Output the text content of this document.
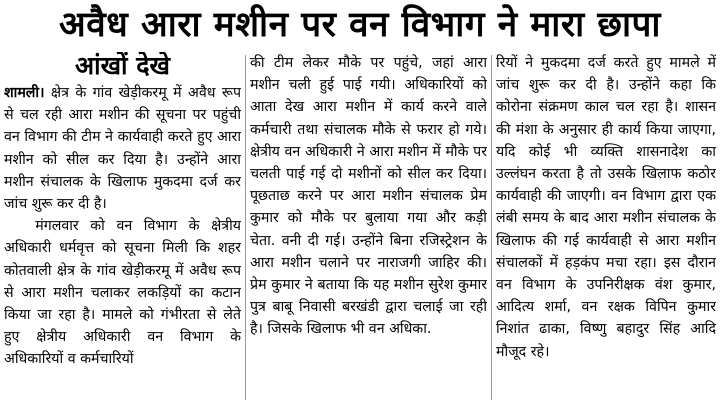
अवैध आरा मशीन पर वन विभाग ने मारा छापा
आंखों देखे

शामली। क्षेत्र के गांव खेड़ीकरमू में अवैध रूप से चल रही आरा मशीन की सूचना पर पहुंची वन विभाग की टीम ने कार्यवाही करते हुए आरा मशीन को सील कर दिया है। उन्होंने आरा मशीन संचालक के खिलाफ मुकदमा दर्ज कर जांच शुरू कर दी है।

मंगलवार को वन विभाग के क्षेत्रीय अधिकारी धर्मवृत्त को सूचना मिली कि शहर कोतवाली क्षेत्र के गांव खेड़ीकरमू में अवैध रूप से आरा मशीन चलाकर लकड़ियों का कटान किया जा रहा है। मामले को गंभीरता से लेते हुए क्षेत्रीय अधिकारी वन विभाग के अधिकारियों व कर्मचारियों

की टीम लेकर मौके पर पहुंचे, जहां आरा मशीन चली हुई पाई गयी। अधिकारियों को आता देख आरा मशीन में कार्य करने वाले कर्मचारी तथा संचालक मौके से फरार हो गये। क्षेत्रीय वन अधिकारी ने आरा मशीन में मौके पर चलती पाई गई दो मशीनों को सील कर दिया। पूछताछ करने पर आरा मशीन संचालक प्रेम कुमार को मौके पर बुलाया गया और कड़ी चेता. वनी दी गई। उन्होंने बिना रजिस्ट्रेशन के आरा मशीन चलाने पर नाराजगी जाहिर की। प्रेम कुमार ने बताया कि यह मशीन सुरेश कुमार पुत्र बाबू निवासी बरखंडी द्वारा चलाई जा रही है। जिसके खिलाफ भी वन अधिका.

रियों ने मुकदमा दर्ज करते हुए मामले में जांच शुरू कर दी है। उन्होंने कहा कि कोरोना संक्रमण काल चल रहा है। शासन की मंशा के अनुसार ही कार्य किया जाएगा, यदि कोई भी व्यक्ति शासनादेश का उल्लंघन करता है तो उसके खिलाफ कठोर कार्यवाही की जाएगी। वन विभाग द्वारा एक लंबी समय के बाद आरा मशीन संचालक के खिलाफ की गई कार्यवाही से आरा मशीन संचालकों में हड़कंप मचा रहा। इस दौरान वन विभाग के उपनिरीक्षक वंश कुमार, आदित्य शर्मा, वन रक्षक विपिन कुमार निशांत ढाका, विष्णु बहादुर सिंह आदि मौजूद रहे।
